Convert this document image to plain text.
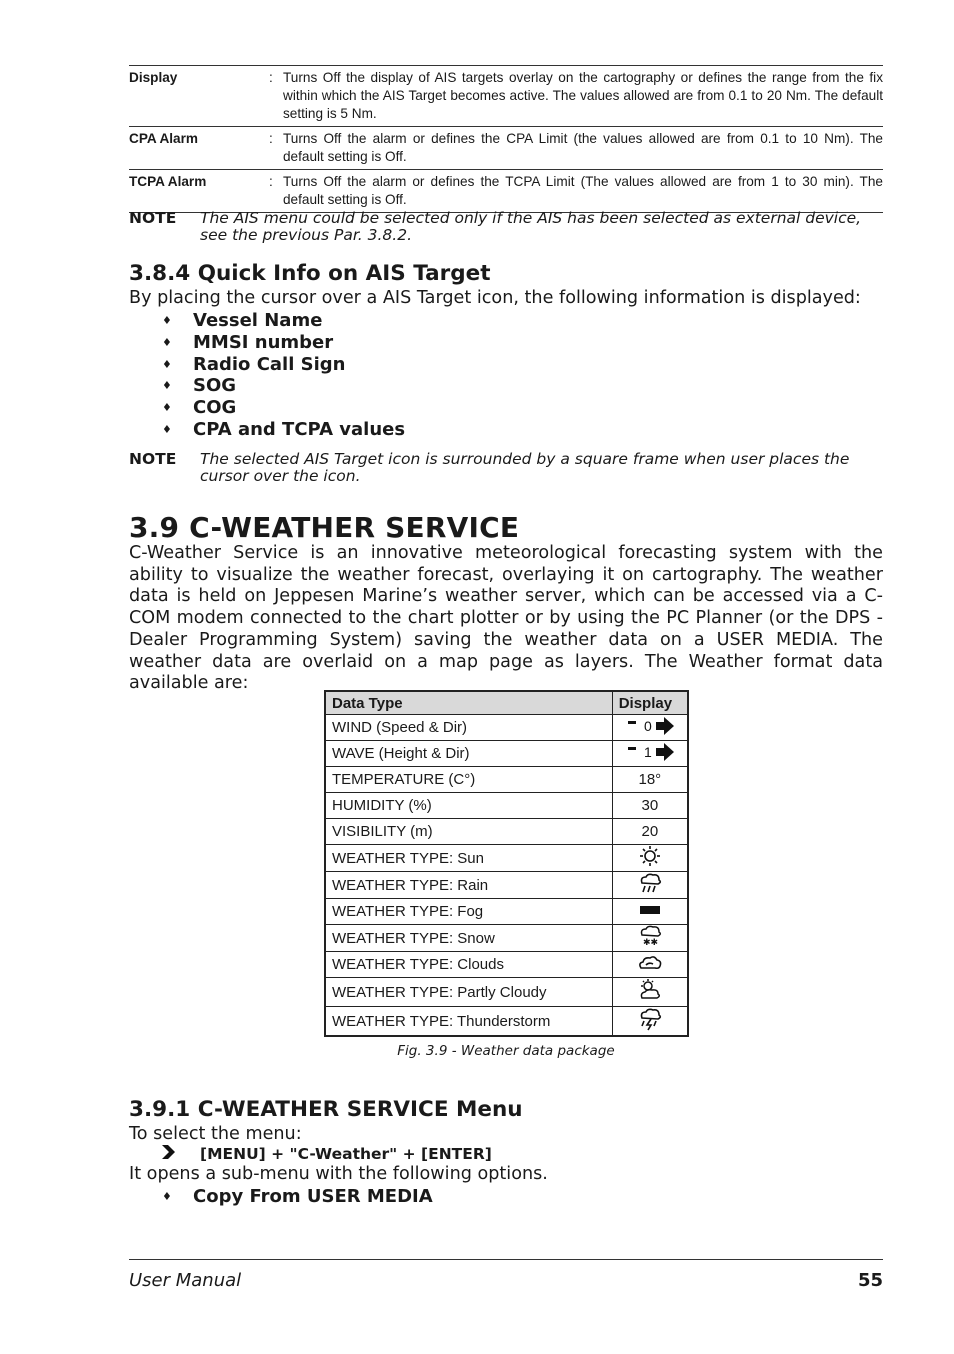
Display	: Turns Off the display of AIS targets overlay on the cartography or defines the range from the fix within which the AIS Target becomes active. The values allowed are from 0.1 to 20 Nm. The default setting is 5 Nm.
CPA Alarm	: Turns Off the alarm or defines the CPA Limit (the values allowed are from 0.1 to 10 Nm). The default setting is Off.
TCPA Alarm	: Turns Off the alarm or defines the TCPA Limit (The values allowed are from 1 to 30 min). The default setting is Off.
NOTE	The AIS menu could be selected only if the AIS has been selected as external device, see the previous Par. 3.8.2.
3.8.4 Quick Info on AIS Target
By placing the cursor over a AIS Target icon, the following information is displayed:
♦	Vessel Name
♦	MMSI number
♦	Radio Call Sign
♦	SOG
♦	COG
♦	CPA and TCPA values
NOTE	The selected AIS Target icon is surrounded by a square frame when user places the cursor over the icon.
3.9 C-WEATHER SERVICE
C-Weather Service is an innovative meteorological forecasting system with the ability to visualize the weather forecast, overlaying it on cartography. The weather data is held on Jeppesen Marine’s weather server, which can be accessed via a C-COM modem connected to the chart plotter or by using the PC Planner (or the DPS - Dealer Programming System) saving the weather data on a USER MEDIA. The weather data are overlaid on a map page as layers. The Weather format data available are:
Data Type	Display
WIND (Speed & Dir)	0

WAVE (Height & Dir)	1

TEMPERATURE (C°)	18°
HUMIDITY (%)	30
VISIBILITY (m)	20
WEATHER TYPE: Sun	
WEATHER TYPE: Rain	
WEATHER TYPE: Fog	
WEATHER TYPE: Snow	✱✱

WEATHER TYPE: Clouds	
WEATHER TYPE: Partly Cloudy	
WEATHER TYPE: Thunderstorm	
Fig. 3.9 - Weather data package
3.9.1 C-WEATHER SERVICE Menu
To select the menu:
[MENU] + "C-Weather" + [ENTER]
It opens a sub-menu with the following options.
♦	Copy From USER MEDIA
User Manual	55
